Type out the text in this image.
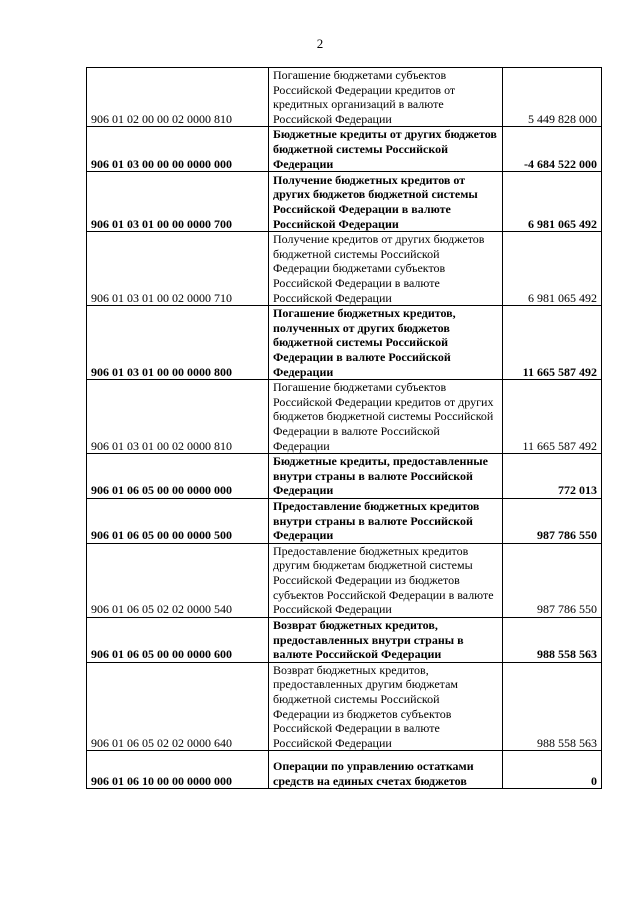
2
906 01 02 00 00 02 0000 810	Погашение бюджетами субъектов Российской Федерации кредитов от кредитных организаций в валюте Российской Федерации	5 449 828 000
906 01 03 00 00 00 0000 000	Бюджетные кредиты от других бюджетов бюджетной системы Российской Федерации	-4 684 522 000
906 01 03 01 00 00 0000 700	Получение бюджетных кредитов от других бюджетов бюджетной системы Российской Федерации в валюте Российской Федерации	6 981 065 492
906 01 03 01 00 02 0000 710	Получение кредитов от других бюджетов бюджетной системы Российской Федерации бюджетами субъектов Российской Федерации в валюте Российской Федерации	6 981 065 492
906 01 03 01 00 00 0000 800	Погашение бюджетных кредитов, полученных от других бюджетов бюджетной системы Российской Федерации в валюте Российской Федерации	11 665 587 492
906 01 03 01 00 02 0000 810	Погашение бюджетами субъектов Российской Федерации кредитов от других бюджетов бюджетной системы Российской Федерации в валюте Российской Федерации	11 665 587 492
906 01 06 05 00 00 0000 000	Бюджетные кредиты, предоставленные внутри страны в валюте Российской Федерации	772 013
906 01 06 05 00 00 0000 500	Предоставление бюджетных кредитов внутри страны в валюте Российской Федерации	987 786 550
906 01 06 05 02 02 0000 540	Предоставление бюджетных кредитов другим бюджетам бюджетной системы Российской Федерации из бюджетов субъектов Российской Федерации в валюте Российской Федерации	987 786 550
906 01 06 05 00 00 0000 600	Возврат бюджетных кредитов, предоставленных внутри страны в валюте Российской Федерации	988 558 563
906 01 06 05 02 02 0000 640	Возврат бюджетных кредитов, предоставленных другим бюджетам бюджетной системы Российской Федерации из бюджетов субъектов Российской Федерации в валюте Российской Федерации	988 558 563
906 01 06 10 00 00 0000 000	Операции по управлению остатками средств на единых счетах бюджетов	0
